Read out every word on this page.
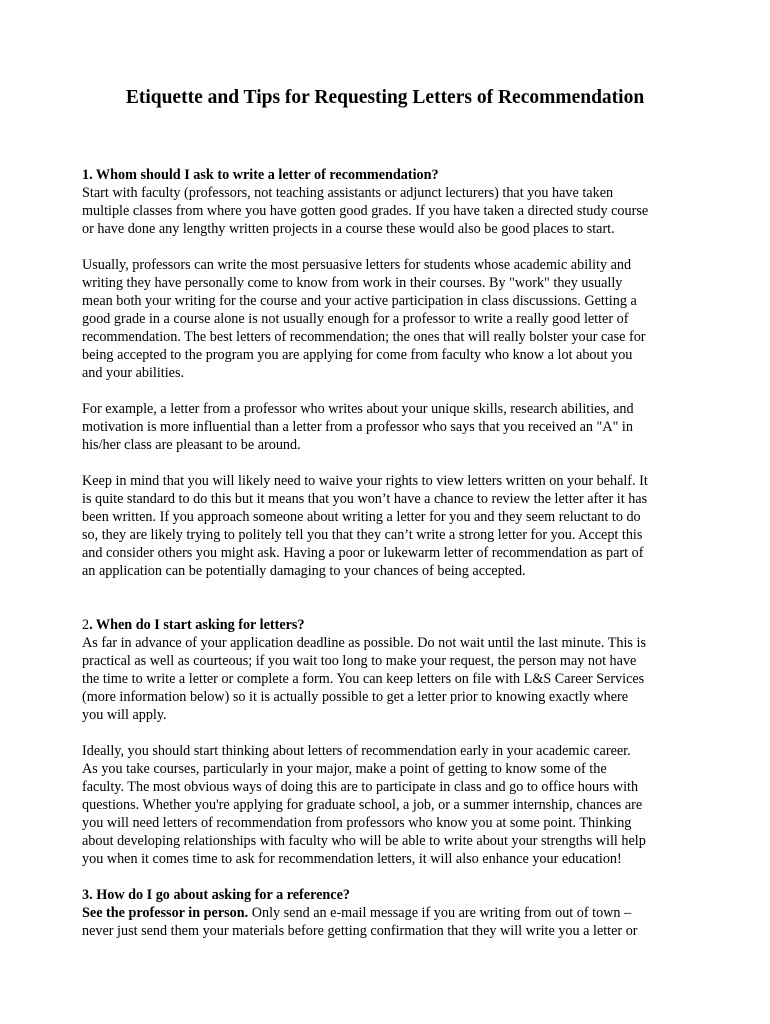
Etiquette and Tips for Requesting Letters of Recommendation
1. Whom should I ask to write a letter of recommendation?
Start with faculty (professors, not teaching assistants or adjunct lecturers) that you have taken
multiple classes from where you have gotten good grades. If you have taken a directed study course
or have done any lengthy written projects in a course these would also be good places to start.
Usually, professors can write the most persuasive letters for students whose academic ability and
writing they have personally come to know from work in their courses. By "work" they usually
mean both your writing for the course and your active participation in class discussions. Getting a
good grade in a course alone is not usually enough for a professor to write a really good letter of
recommendation. The best letters of recommendation; the ones that will really bolster your case for
being accepted to the program you are applying for come from faculty who know a lot about you
and your abilities.
For example, a letter from a professor who writes about your unique skills, research abilities, and
motivation is more influential than a letter from a professor who says that you received an "A" in
his/her class are pleasant to be around.
Keep in mind that you will likely need to waive your rights to view letters written on your behalf. It
is quite standard to do this but it means that you won’t have a chance to review the letter after it has
been written. If you approach someone about writing a letter for you and they seem reluctant to do
so, they are likely trying to politely tell you that they can’t write a strong letter for you. Accept this
and consider others you might ask. Having a poor or lukewarm letter of recommendation as part of
an application can be potentially damaging to your chances of being accepted.
2. When do I start asking for letters?
As far in advance of your application deadline as possible. Do not wait until the last minute. This is
practical as well as courteous; if you wait too long to make your request, the person may not have
the time to write a letter or complete a form. You can keep letters on file with L&S Career Services
(more information below) so it is actually possible to get a letter prior to knowing exactly where
you will apply.
Ideally, you should start thinking about letters of recommendation early in your academic career.
As you take courses, particularly in your major, make a point of getting to know some of the
faculty. The most obvious ways of doing this are to participate in class and go to office hours with
questions. Whether you're applying for graduate school, a job, or a summer internship, chances are
you will need letters of recommendation from professors who know you at some point. Thinking
about developing relationships with faculty who will be able to write about your strengths will help
you when it comes time to ask for recommendation letters, it will also enhance your education!
3. How do I go about asking for a reference?
See the professor in person. Only send an e-mail message if you are writing from out of town –
never just send them your materials before getting confirmation that they will write you a letter or
